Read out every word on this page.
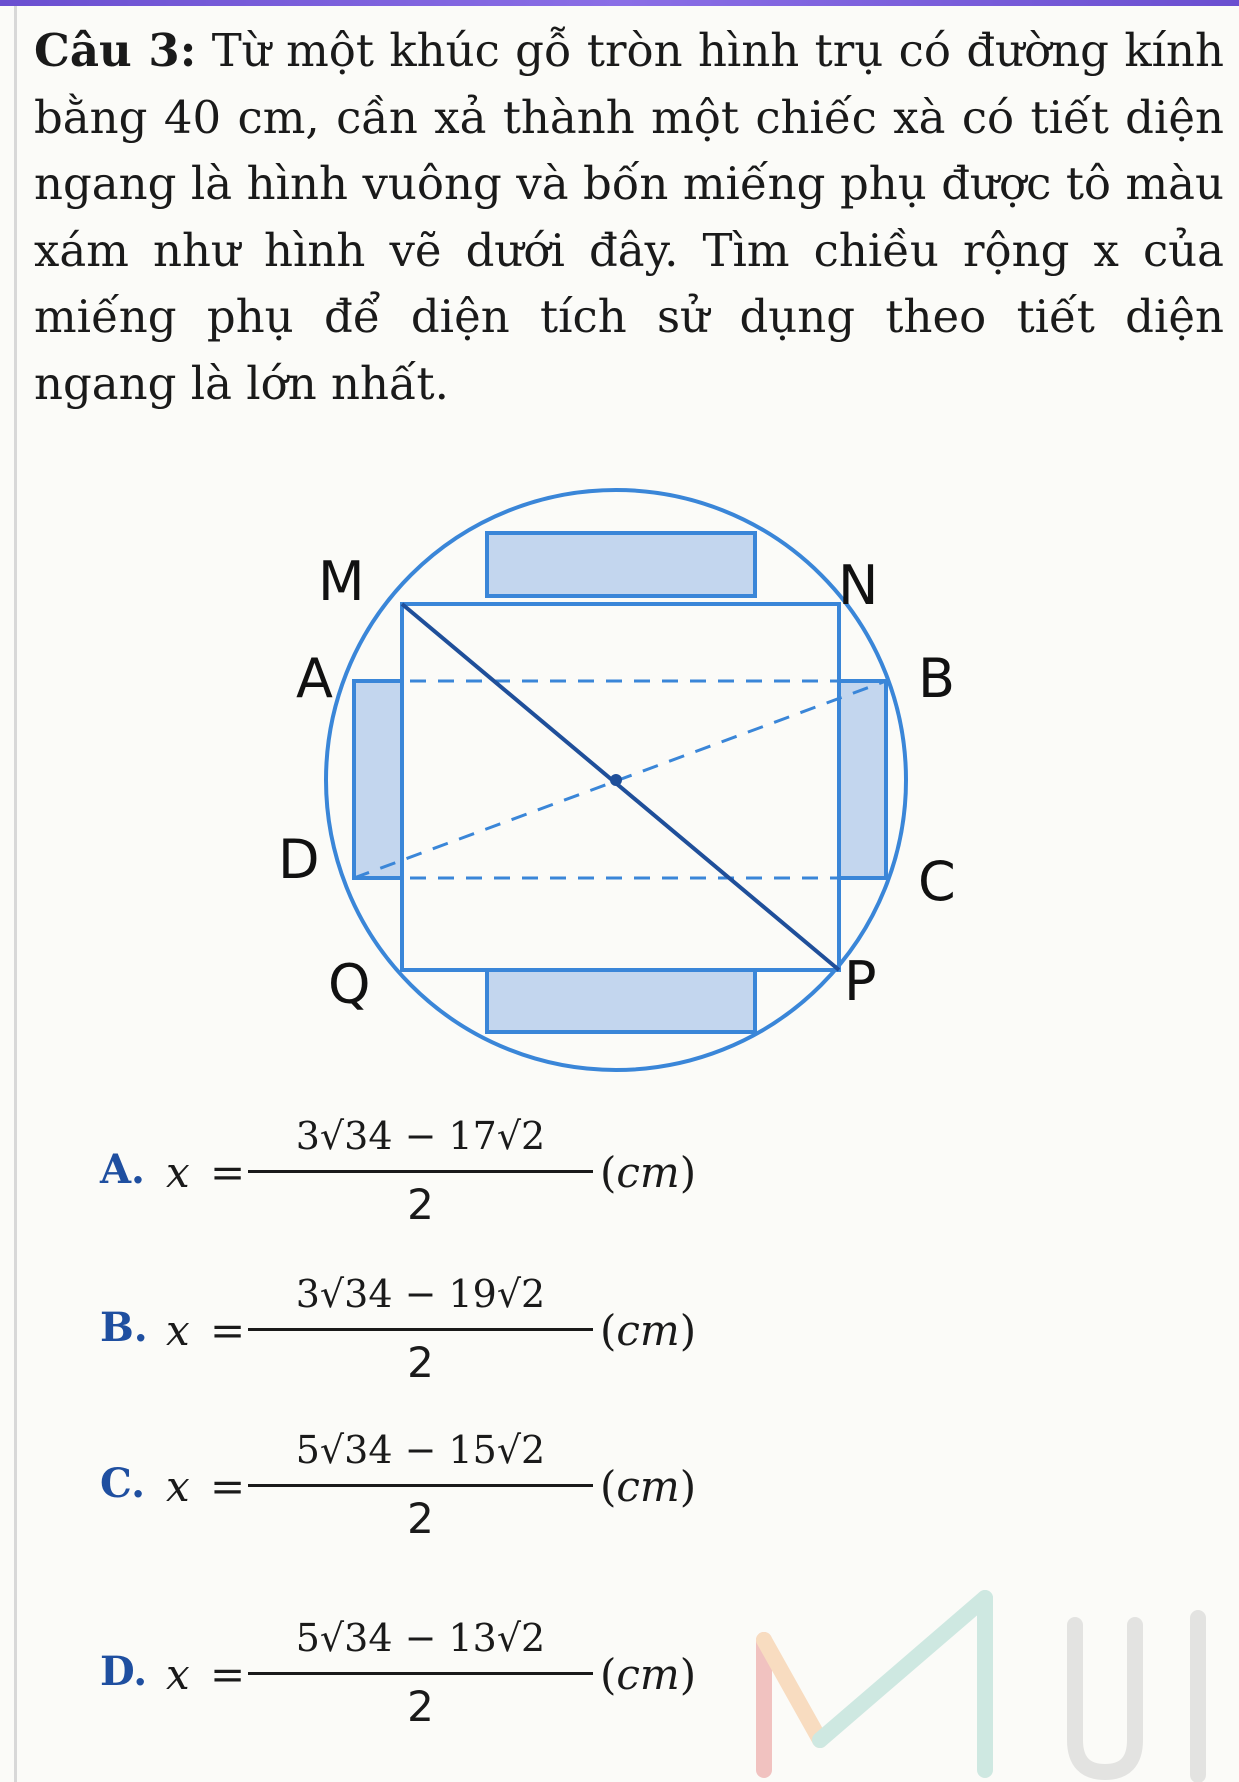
Câu 3: Từ một khúc gỗ tròn hình trụ có đường kính bằng 40 cm, cần xả thành một chiếc xà có tiết diện ngang là hình vuông và bốn miếng phụ được tô màu xám như hình vẽ dưới đây. Tìm chiều rộng x của miếng phụ để diện tích sử dụng theo tiết diện ngang là lớn nhất.
M	N
A	B
D	C
Q	P
A. x =
3√34 − 17√2
2
(cm)
B. x =
3√34 − 19√2
2
(cm)
C. x =
5√34 − 15√2
2
(cm)
D. x =
5√34 − 13√2
2
(cm)
